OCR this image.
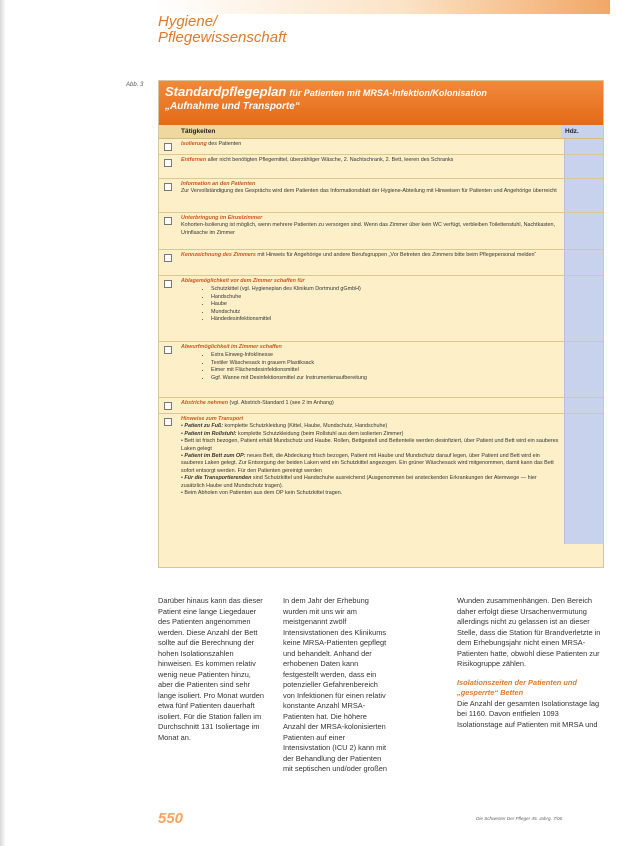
Hygiene/
Pflegewissenschaft
Abb. 3 Standardpflegeplan für Patienten mit MRSA-Infektion/Kolonisation
„Aufnahme und Transporte“
Tätigkeiten	Hdz.
Isolierung des Patienten
Entfernen aller nicht benötigten Pflegemittel, überzähliger Wäsche, 2. Nachtschrank, 2. Bett, leeren des Schranks
Information an den Patienten
Zur Vervollständigung des Gesprächs wird dem Patienten das Informationsblatt der Hygiene-Abteilung mit Hinweisen für Patienten und Angehörige überreicht
Unterbringung im Einzelzimmer
Kohorten-Isolierung ist möglich, wenn mehrere Patienten zu versorgen sind. Wenn das Zimmer über kein WC verfügt, verbleiben Toilettenstuhl, Nachtkasten, Urinflasche im Zimmer
Kennzeichnung des Zimmers mit Hinweis für Angehörige und andere Berufsgruppen „Vor Betreten des Zimmers bitte beim Pflegepersonal melden“
Ablagemöglichkeit vor dem Zimmer schaffen für
• Schutzkittel (vgl. Hygieneplan des Klinikum Dortmund gGmbH)
• Handschuhe
• Haube
• Mundschutz
• Händedesinfektionsmittel
Abwurfmöglichkeit im Zimmer schaffen
• Extra Einweg-Infoklinesse
• Textiler Wäschesack in grauem Plastiksack
• Eimer mit Flächendesinfektionsmittel
• Ggf. Wanne mit Desinfektionsmittel zur Instrumentenaufbereitung
Abstriche nehmen (vgl. Abstrich-Standard 1 (see 2 im Anhang)
Hinweise zum Transport
• Patient zu Fuß: komplette Schutzkleidung (Kittel, Haube, Mundschutz, Handschuhe)
• Patient im Rollstuhl: komplette Schutzkleidung (beim Rollstuhl aus dem isolierten Zimmer)
• Bett ist frisch bezogen, Patient erhält Mundschutz und Haube. Rollen, Bettgestell und Bettenteile werden desinfiziert, über Patient und Bett wird ein sauberes Laken gelegt
• Patient im Bett zum OP: neues Bett, die Abdeckung frisch bezogen, Patient mit Haube und Mundschutz darauf legen, über Patient und Bett wird ein sauberes Laken gelegt. Zur Entsorgung der beiden Laken wird ein Schutzkittel angezogen. Ein grüner Wäschesack wird mitgenommen, damit kann das Bett sofort entsorgt werden. Für den Patienten gereinigt werden
• Für die Transportierenden sind Schutzkittel und Handschuhe ausreichend (Ausgenommen bei ansteckenden Erkrankungen der Atemwege — hier zusätzlich Haube und Mundschutz tragen).
• Beim Abholen von Patienten aus dem OP kein Schutzkittel tragen.

Darüber hinaus kann das dieser Patient eine lange Liegedauer des Patienten angenommen werden. Diese Anzahl der Bett sollte auf die Berechnung der hohen Isolationszahlen hinweisen. Es kommen relativ wenig neue Patienten hinzu, aber die Patienten sind sehr lange isoliert. Pro Monat wurden etwa fünf Patienten dauerhaft isoliert. Für die Station fallen im Durchschnitt 131 Isoliertage im Monat an.

In dem Jahr der Erhebung wurden mit uns wir am meistgenannt zwölf Intensivstationen des Klinikums keine MRSA-Patienten gepflegt und behandelt. Anhand der erhobenen Daten kann festgestellt werden, dass ein potenzieller Gefahrenbereich von Infektionen für einen relativ konstante Anzahl MRSA-Patienten hat. Die höhere Anzahl der MRSA-kolonisierten Patienten auf einer Intensivstation (ICU 2) kann mit der Behandlung der Patienten mit septischen und/oder großen

Wunden zusammenhängen. Den Bereich daher erfolgt diese Ursachenvermutung allerdings nicht zu gelassen ist an dieser Stelle, dass die Station für Brandverletzte in dem Erhebungsjahr nicht einen MRSA-Patienten hatte, obwohl diese Patienten zur Risikogruppe zählen.

Isolationszeiten der Patienten und „gesperrte“ Betten

Die Anzahl der gesamten Isolationstage lag bei 1160. Davon entfielen 1093 Isolationstage auf Patienten mit MRSA und

550	Die Schwester Der Pfleger 45. Jahrg. 7/06
